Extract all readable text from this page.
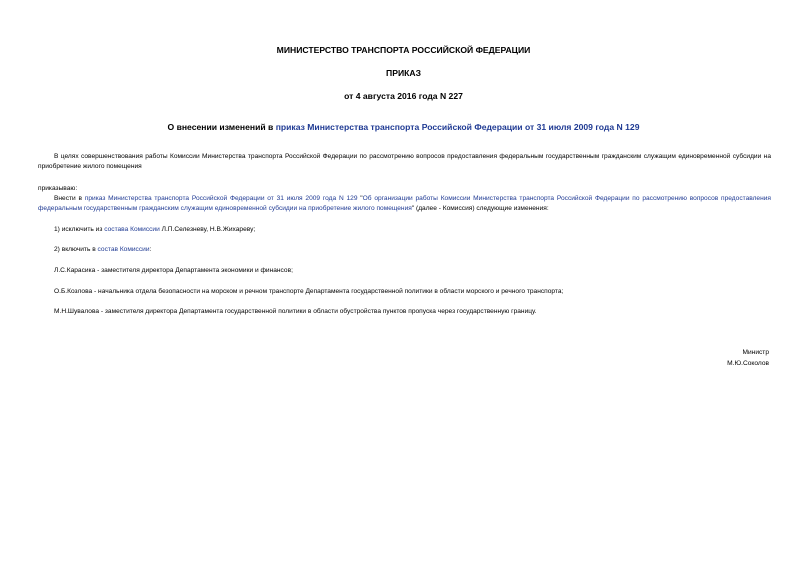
МИНИСТЕРСТВО ТРАНСПОРТА РОССИЙСКОЙ ФЕДЕРАЦИИ
ПРИКАЗ
от 4 августа 2016 года N 227
О внесении изменений в приказ Министерства транспорта Российской Федерации от 31 июля 2009 года N 129
В целях совершенствования работы Комиссии Министерства транспорта Российской Федерации по рассмотрению вопросов предоставления федеральным государственным гражданским служащим единовременной субсидии на приобретение жилого помещения
приказываю:
Внести в приказ Министерства транспорта Российской Федерации от 31 июля 2009 года N 129 "Об организации работы Комиссии Министерства транспорта Российской Федерации по рассмотрению вопросов предоставления федеральным государственным гражданским служащим единовременной субсидии на приобретение жилого помещения" (далее - Комиссия) следующие изменения:
1) исключить из состава Комиссии Л.П.Селезневу, Н.В.Жихареву;
2) включить в состав Комиссии:
Л.С.Карасика - заместителя директора Департамента экономики и финансов;
О.Б.Козлова - начальника отдела безопасности на морском и речном транспорте Департамента государственной политики в области морского и речного транспорта;
М.Н.Шувалова - заместителя директора Департамента государственной политики в области обустройства пунктов пропуска через государственную границу.
Министр
М.Ю.Соколов
